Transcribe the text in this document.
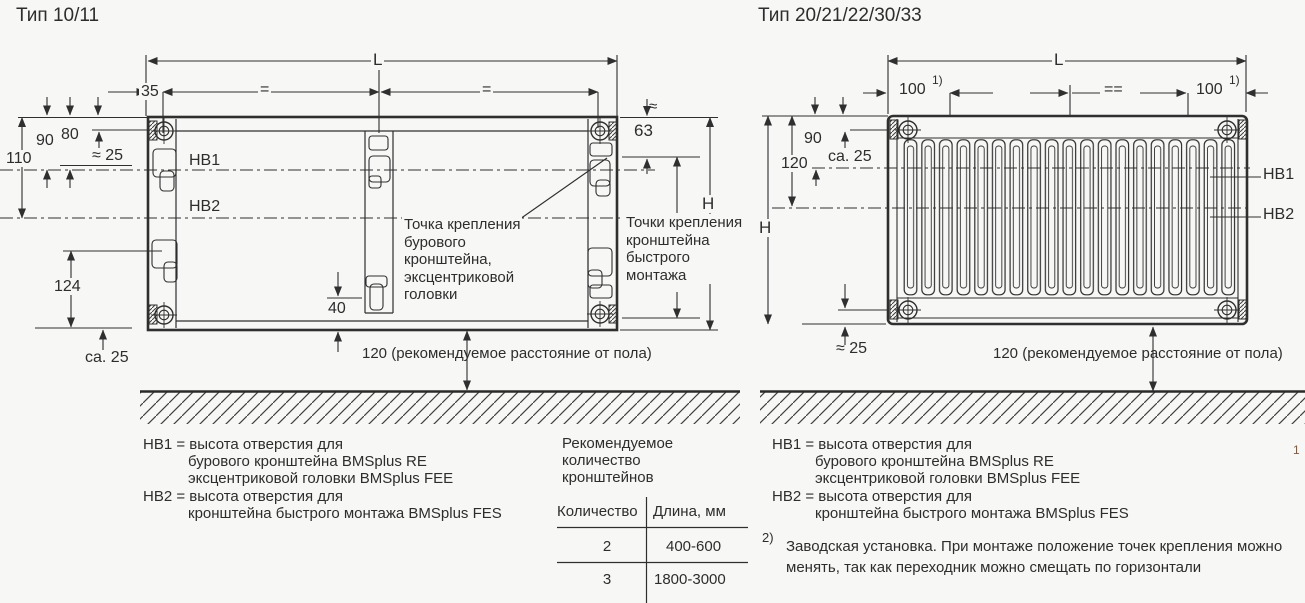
Тип 10/11	Тип 20/21/22/30/33
L
35	=	=
90 80
110	≈ 25	HB1
HB2
124
ca. 25
40
≈
63
H
Точка крепления
бурового
кронштейна,
эксцентриковой
головки
Точки крепления
кронштейна
быстрого
монтажа
120 (рекомендуемое расстояние от пола)
L
100
1)
==	100
1)
90
120 ca. 25
H
НВ1
НВ2
≈ 25	120 (рекомендуемое расстояние от пола)
HB1 = высота отверстия для
бурового кронштейна BMSplus RE
эксцентриковой головки BMSplus FEE
HB2 = высота отверстия для
кронштейна быстрого монтажа BMSplus FES
HB1 = высота отверстия для
бурового кронштейна BMSplus RE
эксцентриковой головки BMSplus FEE
HB2 = высота отверстия для
кронштейна быстрого монтажа BMSplus FES
Рекомендуемое
количество
кронштейнов
Количество Длина, мм
2	400-600
3	1800-3000
2)
Заводская установка. При монтаже положение точек крепления можно
менять, так как переходник можно смещать по горизонтали
1
